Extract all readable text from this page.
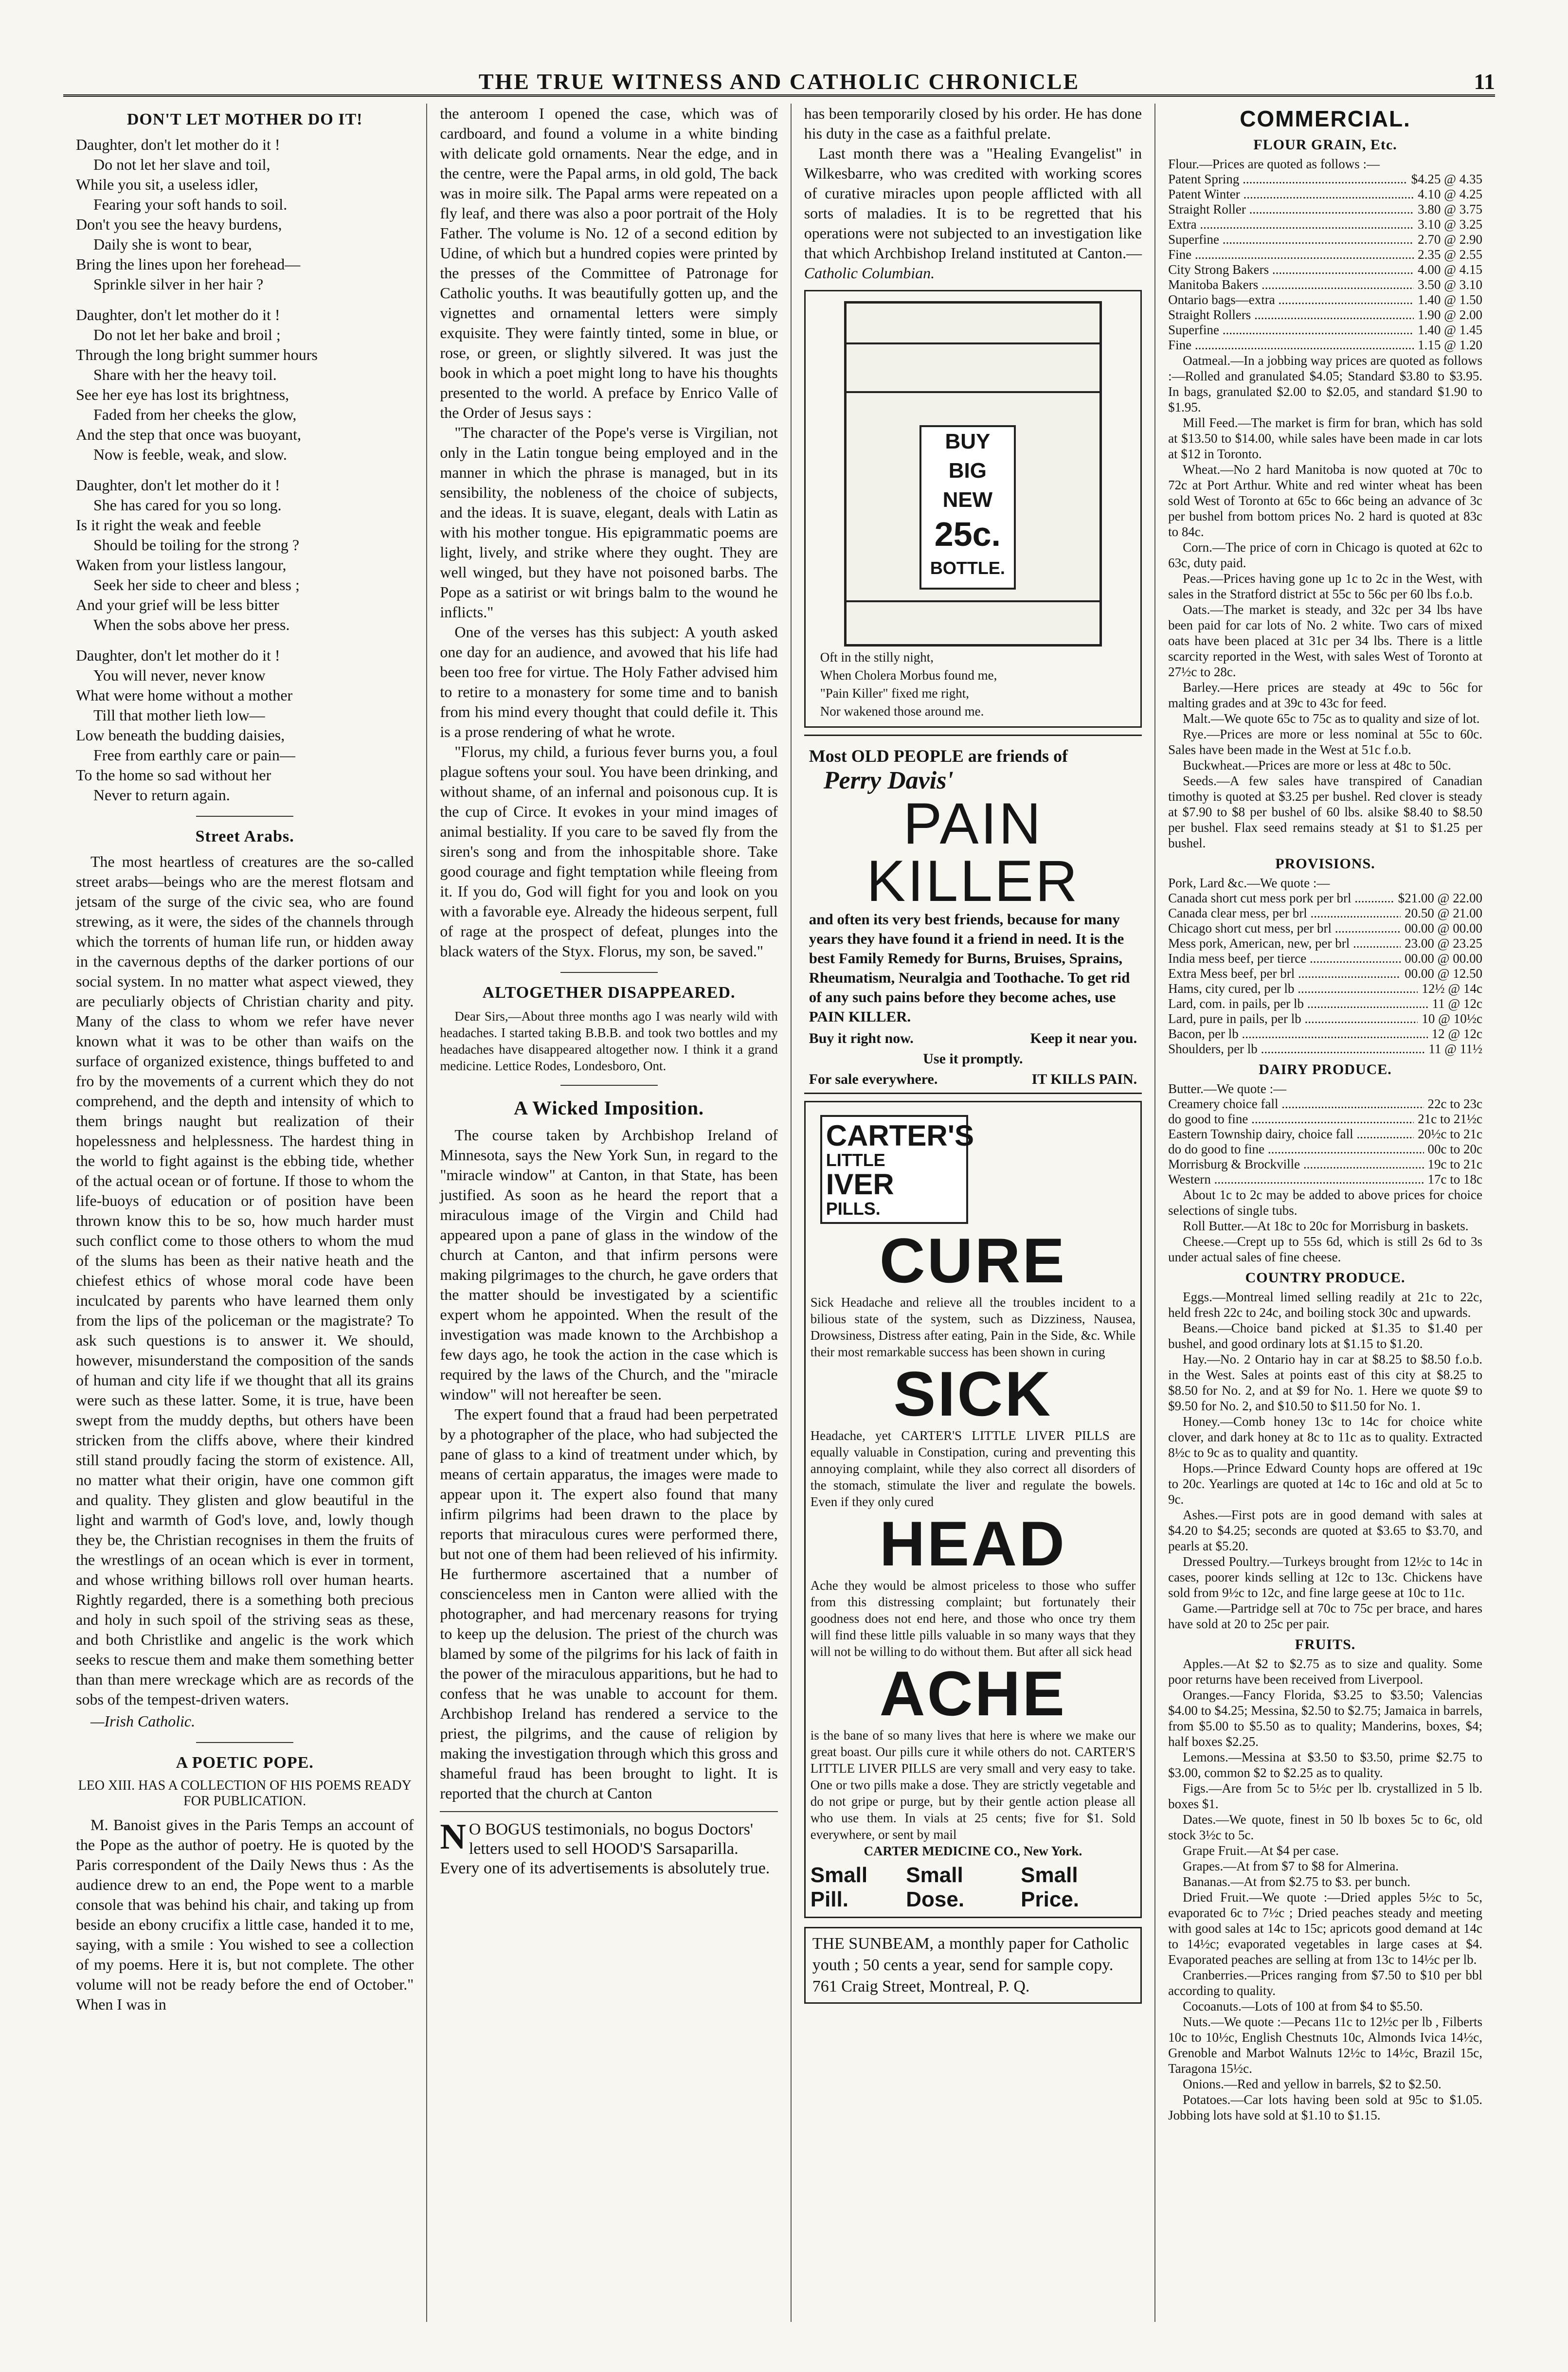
THE TRUE WITNESS AND CATHOLIC CHRONICLE	11
DON'T LET MOTHER DO IT!
Daughter, don't let mother do it !
Do not let her slave and toil,
While you sit, a useless idler,
Fearing your soft hands to soil.
Don't you see the heavy burdens,
Daily she is wont to bear,
Bring the lines upon her forehead—
Sprinkle silver in her hair ?
Daughter, don't let mother do it !
Do not let her bake and broil ;
Through the long bright summer hours
Share with her the heavy toil.
See her eye has lost its brightness,
Faded from her cheeks the glow,
And the step that once was buoyant,
Now is feeble, weak, and slow.
Daughter, don't let mother do it !
She has cared for you so long.
Is it right the weak and feeble
Should be toiling for the strong ?
Waken from your listless langour,
Seek her side to cheer and bless ;
And your grief will be less bitter
When the sobs above her press.
Daughter, don't let mother do it !
You will never, never know
What were home without a mother
Till that mother lieth low—
Low beneath the budding daisies,
Free from earthly care or pain—
To the home so sad without her
Never to return again.
Street Arabs.

The most heartless of creatures are the so-called street arabs—beings who are the merest flotsam and jetsam of the surge of the civic sea, who are found strewing, as it were, the sides of the channels through which the torrents of human life run, or hidden away in the cavernous depths of the darker portions of our social system. In no matter what aspect viewed, they are peculiarly objects of Christian charity and pity. Many of the class to whom we refer have never known what it was to be other than waifs on the surface of organized existence, things buffeted to and fro by the movements of a current which they do not comprehend, and the depth and intensity of which to them brings naught but realization of their hopelessness and helplessness. The hardest thing in the world to fight against is the ebbing tide, whether of the actual ocean or of fortune. If those to whom the life-buoys of education or of position have been thrown know this to be so, how much harder must such conflict come to those others to whom the mud of the slums has been as their native heath and the chiefest ethics of whose moral code have been inculcated by parents who have learned them only from the lips of the policeman or the magistrate? To ask such questions is to answer it. We should, however, misunderstand the composition of the sands of human and city life if we thought that all its grains were such as these latter. Some, it is true, have been swept from the muddy depths, but others have been stricken from the cliffs above, where their kindred still stand proudly facing the storm of existence. All, no matter what their origin, have one common gift and quality. They glisten and glow beautiful in the light and warmth of God's love, and, lowly though they be, the Christian recognises in them the fruits of the wrestlings of an ocean which is ever in torment, and whose writhing billows roll over human hearts. Rightly regarded, there is a something both precious and holy in such spoil of the striving seas as these, and both Christlike and angelic is the work which seeks to rescue them and make them something better than than mere wreckage which are as records of the sobs of the tempest-driven waters.

—Irish Catholic.
A POETIC POPE.
LEO XIII. HAS A COLLECTION OF HIS POEMS READY FOR PUBLICATION.

M. Banoist gives in the Paris Temps an account of the Pope as the author of poetry. He is quoted by the Paris correspondent of the Daily News thus : As the audience drew to an end, the Pope went to a marble console that was behind his chair, and taking up from beside an ebony crucifix a little case, handed it to me, saying, with a smile : You wished to see a collection of my poems. Here it is, but not complete. The other volume will not be ready before the end of October." When I was in

the anteroom I opened the case, which was of cardboard, and found a volume in a white binding with delicate gold ornaments. Near the edge, and in the centre, were the Papal arms, in old gold, The back was in moire silk. The Papal arms were repeated on a fly leaf, and there was also a poor portrait of the Holy Father. The volume is No. 12 of a second edition by Udine, of which but a hundred copies were printed by the presses of the Committee of Patronage for Catholic youths. It was beautifully gotten up, and the vignettes and ornamental letters were simply exquisite. They were faintly tinted, some in blue, or rose, or green, or slightly silvered. It was just the book in which a poet might long to have his thoughts presented to the world. A preface by Enrico Valle of the Order of Jesus says :

"The character of the Pope's verse is Virgilian, not only in the Latin tongue being employed and in the manner in which the phrase is managed, but in its sensibility, the nobleness of the choice of subjects, and the ideas. It is suave, elegant, deals with Latin as with his mother tongue. His epigrammatic poems are light, lively, and strike where they ought. They are well winged, but they have not poisoned barbs. The Pope as a satirist or wit brings balm to the wound he inflicts."

One of the verses has this subject: A youth asked one day for an audience, and avowed that his life had been too free for virtue. The Holy Father advised him to retire to a monastery for some time and to banish from his mind every thought that could defile it. This is a prose rendering of what he wrote.

"Florus, my child, a furious fever burns you, a foul plague softens your soul. You have been drinking, and without shame, of an infernal and poisonous cup. It is the cup of Circe. It evokes in your mind images of animal bestiality. If you care to be saved fly from the siren's song and from the inhospitable shore. Take good courage and fight temptation while fleeing from it. If you do, God will fight for you and look on you with a favorable eye. Already the hideous serpent, full of rage at the prospect of defeat, plunges into the black waters of the Styx. Florus, my son, be saved."

ALTOGETHER DISAPPEARED.

Dear Sirs,—About three months ago I was nearly wild with headaches. I started taking B.B.B. and took two bottles and my headaches have disappeared altogether now. I think it a grand medicine. Lettice Rodes, Londesboro, Ont.

A Wicked Imposition.

The course taken by Archbishop Ireland of Minnesota, says the New York Sun, in regard to the "miracle window" at Canton, in that State, has been justified. As soon as he heard the report that a miraculous image of the Virgin and Child had appeared upon a pane of glass in the window of the church at Canton, and that infirm persons were making pilgrimages to the church, he gave orders that the matter should be investigated by a scientific expert whom he appointed. When the result of the investigation was made known to the Archbishop a few days ago, he took the action in the case which is required by the laws of the Church, and the "miracle window" will not hereafter be seen.

The expert found that a fraud had been perpetrated by a photographer of the place, who had subjected the pane of glass to a kind of treatment under which, by means of certain apparatus, the images were made to appear upon it. The expert also found that many infirm pilgrims had been drawn to the place by reports that miraculous cures were performed there, but not one of them had been relieved of his infirmity. He furthermore ascertained that a number of conscienceless men in Canton were allied with the photographer, and had mercenary reasons for trying to keep up the delusion. The priest of the church was blamed by some of the pilgrims for his lack of faith in the power of the miraculous apparitions, but he had to confess that he was unable to account for them. Archbishop Ireland has rendered a service to the priest, the pilgrims, and the cause of religion by making the investigation through which this gross and shameful fraud has been brought to light. It is reported that the church at Canton

N O BOGUS testimonials, no bogus Doctors' letters used to sell HOOD'S Sarsaparilla. Every one of its advertisements is absolutely true.

has been temporarily closed by his order. He has done his duty in the case as a faithful prelate.

Last month there was a "Healing Evangelist" in Wilkesbarre, who was credited with working scores of curative miracles upon people afflicted with all sorts of maladies. It is to be regretted that his operations were not subjected to an investigation like that which Archbishop Ireland instituted at Canton.— Catholic Columbian.

BUY
BIG
NEW
25c.
BOTTLE.
Oft in the stilly night,
When Cholera Morbus found me,
"Pain Killer" fixed me right,
Nor wakened those around me.
Most OLD PEOPLE are friends of
Perry Davis'
PAIN
KILLER
and often its very best friends, because for many years they have found it a friend in need. It is the best Family Remedy for Burns, Bruises, Sprains, Rheumatism, Neuralgia and Toothache. To get rid of any such pains before they become aches, use PAIN KILLER.
Buy it right now.	Keep it near you.
Use it promptly.
For sale everywhere.	IT KILLS PAIN.
CARTER'S
LITTLE
IVER
PILLS.
CURE

Sick Headache and relieve all the troubles incident to a bilious state of the system, such as Dizziness, Nausea, Drowsiness, Distress after eating, Pain in the Side, &c. While their most remarkable success has been shown in curing

SICK

Headache, yet CARTER'S LITTLE LIVER PILLS are equally valuable in Constipation, curing and preventing this annoying complaint, while they also correct all disorders of the stomach, stimulate the liver and regulate the bowels. Even if they only cured

HEAD

Ache they would be almost priceless to those who suffer from this distressing complaint; but fortunately their goodness does not end here, and those who once try them will find these little pills valuable in so many ways that they will not be willing to do without them. But after all sick head

ACHE

is the bane of so many lives that here is where we make our great boast. Our pills cure it while others do not. CARTER'S LITTLE LIVER PILLS are very small and very easy to take. One or two pills make a dose. They are strictly vegetable and do not gripe or purge, but by their gentle action please all who use them. In vials at 25 cents; five for $1. Sold everywhere, or sent by mail

CARTER MEDICINE CO., New York.
Small Pill.
Small Dose.
Small Price.
THE SUNBEAM, a monthly paper for Catholic youth ; 50 cents a year, send for sample copy. 761 Craig Street, Montreal, P. Q.
COMMERCIAL.
FLOUR GRAIN, Etc.
Flour.—Prices are quoted as follows :—
Patent Spring .....	$4.25 @ 4.35
Patent Winter .....	4.10 @ 4.25
Straight Roller .....	3.80 @ 3.75
Extra .....	3.10 @ 3.25
Superfine .....	2.70 @ 2.90
Fine .....	2.35 @ 2.55
City Strong Bakers .....	4.00 @ 4.15
Manitoba Bakers .....	3.50 @ 3.10
Ontario bags—extra .....	1.40 @ 1.50
Straight Rollers .....	1.90 @ 2.00
Superfine .....	1.40 @ 1.45
Fine .....	1.15 @ 1.20

Oatmeal.—In a jobbing way prices are quoted as follows :—Rolled and granulated $4.05; Standard $3.80 to $3.95. In bags, granulated $2.00 to $2.05, and standard $1.90 to $1.95.

Mill Feed.—The market is firm for bran, which has sold at $13.50 to $14.00, while sales have been made in car lots at $12 in Toronto.

Wheat.—No 2 hard Manitoba is now quoted at 70c to 72c at Port Arthur. White and red winter wheat has been sold West of Toronto at 65c to 66c being an advance of 3c per bushel from bottom prices No. 2 hard is quoted at 83c to 84c.

Corn.—The price of corn in Chicago is quoted at 62c to 63c, duty paid.

Peas.—Prices having gone up 1c to 2c in the West, with sales in the Stratford district at 55c to 56c per 60 lbs f.o.b.

Oats.—The market is steady, and 32c per 34 lbs have been paid for car lots of No. 2 white. Two cars of mixed oats have been placed at 31c per 34 lbs. There is a little scarcity reported in the West, with sales West of Toronto at 27½c to 28c.

Barley.—Here prices are steady at 49c to 56c for malting grades and at 39c to 43c for feed.

Malt.—We quote 65c to 75c as to quality and size of lot.

Rye.—Prices are more or less nominal at 55c to 60c. Sales have been made in the West at 51c f.o.b.

Buckwheat.—Prices are more or less at 48c to 50c.

Seeds.—A few sales have transpired of Canadian timothy is quoted at $3.25 per bushel. Red clover is steady at $7.90 to $8 per bushel of 60 lbs. alsike $8.40 to $8.50 per bushel. Flax seed remains steady at $1 to $1.25 per bushel.

PROVISIONS.
Pork, Lard &c.—We quote :—
Canada short cut mess pork per brl .....	$21.00 @ 22.00
Canada clear mess, per brl .....	20.50 @ 21.00
Chicago short cut mess, per brl .....	00.00 @ 00.00
Mess pork, American, new, per brl .....	23.00 @ 23.25
India mess beef, per tierce .....	00.00 @ 00.00
Extra Mess beef, per brl .....	00.00 @ 12.50
Hams, city cured, per lb .....	12½ @ 14c
Lard, com. in pails, per lb .....	11 @ 12c
Lard, pure in pails, per lb .....	10 @ 10½c
Bacon, per lb .....	12 @ 12c
Shoulders, per lb .....	11 @ 11½
DAIRY PRODUCE.
Butter.—We quote :—
Creamery choice fall .....	22c to 23c
do good to fine .....	21c to 21½c
Eastern Township dairy, choice fall .....	20½c to 21c
do do good to fine .....	00c to 20c
Morrisburg & Brockville .....	19c to 21c
Western .....	17c to 18c

About 1c to 2c may be added to above prices for choice selections of single tubs.

Roll Butter.—At 18c to 20c for Morrisburg in baskets.

Cheese.—Crept up to 55s 6d, which is still 2s 6d to 3s under actual sales of fine cheese.

COUNTRY PRODUCE.

Eggs.—Montreal limed selling readily at 21c to 22c, held fresh 22c to 24c, and boiling stock 30c and upwards.

Beans.—Choice band picked at $1.35 to $1.40 per bushel, and good ordinary lots at $1.15 to $1.20.

Hay.—No. 2 Ontario hay in car at $8.25 to $8.50 f.o.b. in the West. Sales at points east of this city at $8.25 to $8.50 for No. 2, and at $9 for No. 1. Here we quote $9 to $9.50 for No. 2, and $10.50 to $11.50 for No. 1.

Honey.—Comb honey 13c to 14c for choice white clover, and dark honey at 8c to 11c as to quality. Extracted 8½c to 9c as to quality and quantity.

Hops.—Prince Edward County hops are offered at 19c to 20c. Yearlings are quoted at 14c to 16c and old at 5c to 9c.

Ashes.—First pots are in good demand with sales at $4.20 to $4.25; seconds are quoted at $3.65 to $3.70, and pearls at $5.20.

Dressed Poultry.—Turkeys brought from 12½c to 14c in cases, poorer kinds selling at 12c to 13c. Chickens have sold from 9½c to 12c, and fine large geese at 10c to 11c.

Game.—Partridge sell at 70c to 75c per brace, and hares have sold at 20 to 25c per pair.

FRUITS.

Apples.—At $2 to $2.75 as to size and quality. Some poor returns have been received from Liverpool.

Oranges.—Fancy Florida, $3.25 to $3.50; Valencias $4.00 to $4.25; Messina, $2.50 to $2.75; Jamaica in barrels, from $5.00 to $5.50 as to quality; Manderins, boxes, $4; half boxes $2.25.

Lemons.—Messina at $3.50 to $3.50, prime $2.75 to $3.00, common $2 to $2.25 as to quality.

Figs.—Are from 5c to 5½c per lb. crystallized in 5 lb. boxes $1.

Dates.—We quote, finest in 50 lb boxes 5c to 6c, old stock 3½c to 5c.

Grape Fruit.—At $4 per case.

Grapes.—At from $7 to $8 for Almerina.

Bananas.—At from $2.75 to $3. per bunch.

Dried Fruit.—We quote :—Dried apples 5½c to 5c, evaporated 6c to 7½c ; Dried peaches steady and meeting with good sales at 14c to 15c; apricots good demand at 14c to 14½c; evaporated vegetables in large cases at $4. Evaporated peaches are selling at from 13c to 14½c per lb.

Cranberries.—Prices ranging from $7.50 to $10 per bbl according to quality.

Cocoanuts.—Lots of 100 at from $4 to $5.50.

Nuts.—We quote :—Pecans 11c to 12½c per lb , Filberts 10c to 10½c, English Chestnuts 10c, Almonds Ivica 14½c, Grenoble and Marbot Walnuts 12½c to 14½c, Brazil 15c, Taragona 15½c.

Onions.—Red and yellow in barrels, $2 to $2.50.

Potatoes.—Car lots having been sold at 95c to $1.05. Jobbing lots have sold at $1.10 to $1.15.
